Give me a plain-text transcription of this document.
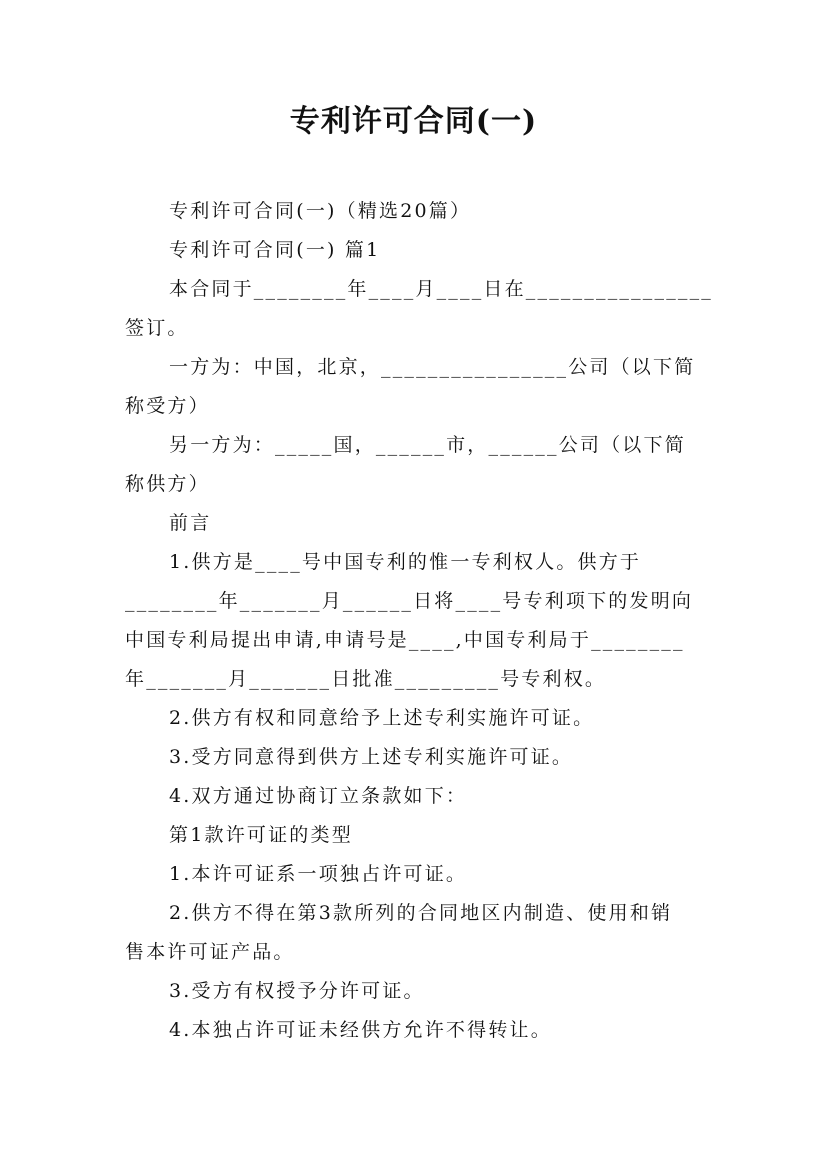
专利许可合同(一)
专利许可合同(一)（精选20篇）
专利许可合同(一) 篇1
本合同于________年____月____日在________________
签订。
一方为：中国，北京，________________公司（以下简
称受方）
另一方为：_____国，______市，______公司（以下简
称供方）
前言
1.供方是____号中国专利的惟一专利权人。供方于
________年_______月______日将____号专利项下的发明向
中国专利局提出申请,申请号是____,中国专利局于________
年_______月_______日批准_________号专利权。
2.供方有权和同意给予上述专利实施许可证。
3.受方同意得到供方上述专利实施许可证。
4.双方通过协商订立条款如下：
第1款许可证的类型
1.本许可证系一项独占许可证。
2.供方不得在第3款所列的合同地区内制造、使用和销
售本许可证产品。
3.受方有权授予分许可证。
4.本独占许可证未经供方允许不得转让。
